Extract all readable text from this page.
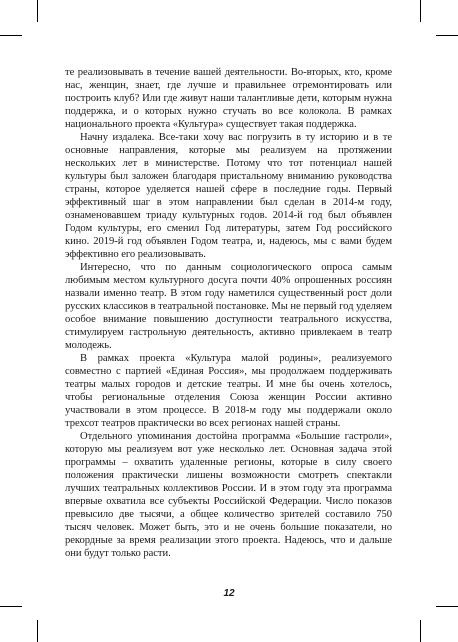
те реализовывать в течение вашей деятельности. Во-вторых, кто, кроме нас, женщин, знает, где лучше и правильнее отремонтировать или построить клуб? Или где живут наши талантливые дети, которым нужна поддержка, и о которых нужно стучать во все колокола. В рамках национального проекта «Культура» существует такая поддержка.

Начну издалека. Все-таки хочу вас погрузить в ту историю и в те основные направления, которые мы реализуем на протяжении нескольких лет в министерстве. Потому что тот потенциал нашей культуры был заложен благодаря пристальному вниманию руководства страны, которое уделяется нашей сфере в последние годы. Первый эффективный шаг в этом направлении был сделан в 2014-м году, ознаменовавшем триаду культурных годов. 2014-й год был объявлен Годом культуры, его сменил Год литературы, затем Год российского кино. 2019-й год объявлен Годом театра, и, надеюсь, мы с вами будем эффективно его реализовывать.

Интересно, что по данным социологического опроса самым любимым местом культурного досуга почти 40% опрошенных россиян назвали именно театр. В этом году наметился существенный рост доли русских классиков в театральной постановке. Мы не первый год уделяем особое внимание повышению доступности театрального искусства, стимулируем гастрольную деятельность, активно привлекаем в театр молодежь.

В рамках проекта «Культура малой родины», реализуемого совместно с партией «Единая Россия», мы продолжаем поддерживать театры малых городов и детские театры. И мне бы очень хотелось, чтобы региональные отделения Союза женщин России активно участвовали в этом процессе. В 2018-м году мы поддержали около трехсот театров практически во всех регионах нашей страны.

Отдельного упоминания достойна программа «Большие гастроли», которую мы реализуем вот уже несколько лет. Основная задача этой программы – охватить удаленные регионы, которые в силу своего положения практически лишены возможности смотреть спектакли лучших театральных коллективов России. И в этом году эта программа впервые охватила все субъекты Российской Федерации. Число показов превысило две тысячи, а общее количество зрителей составило 750 тысяч человек. Может быть, это и не очень большие показатели, но рекордные за время реализации этого проекта. Надеюсь, что и дальше они будут только расти.

12
